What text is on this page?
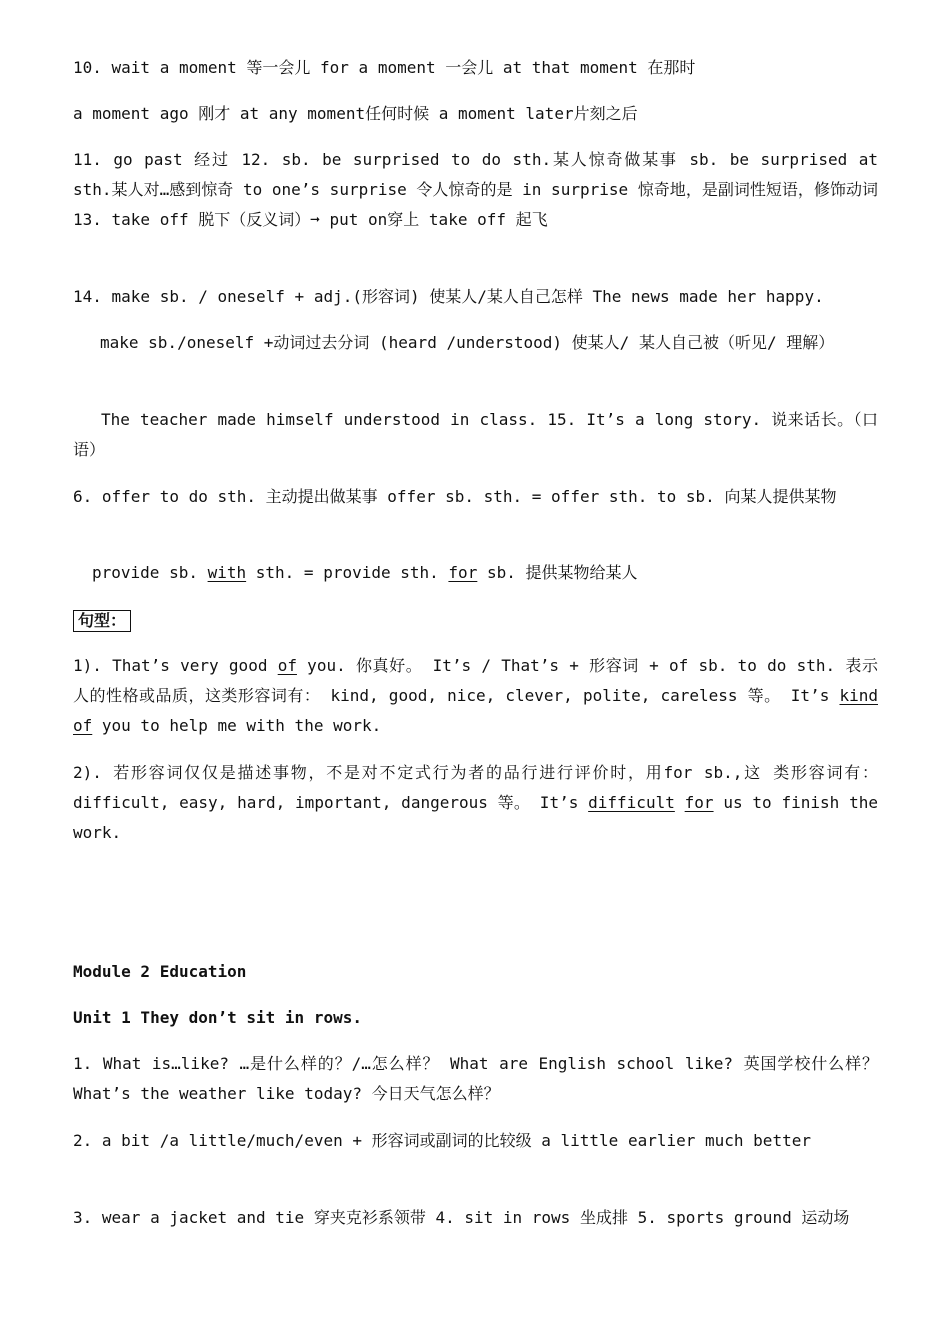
10. wait a moment 等一会儿 for a moment 一会儿 at that moment 在那时

a moment ago 刚才 at any moment任何时候 a moment later片刻之后

11. go past 经过 12. sb. be surprised to do sth.某人惊奇做某事 sb. be surprised at sth.某人对…感到惊奇 to one’s surprise 令人惊奇的是 in surprise 惊奇地，是副词性短语，修饰动词 13. take off 脱下（反义词）➞ put on穿上 take off 起飞

14. make sb. / oneself + adj.(形容词) 使某人/某人自己怎样 The news made her happy.

make sb./oneself +动词过去分词 (heard /understood) 使某人/ 某人自己被（听见/ 理解）

The teacher made himself understood in class. 15. It’s a long story. 说来话长。（口语）

6. offer to do sth. 主动提出做某事 offer sb. sth. = offer sth. to sb. 向某人提供某物

provide sb. with sth. = provide sth. for sb. 提供某物给某人

句型：

1). That’s very good of you. 你真好。 It’s / That’s + 形容词 + of sb. to do sth. 表示人的性格或品质，这类形容词有： kind, good, nice, clever, polite, careless 等。 It’s kind of you to help me with the work.

2). 若形容词仅仅是描述事物，不是对不定式行为者的品行进行评价时，用for sb.,这 类形容词有：difficult, easy, hard, important, dangerous 等。 It’s difficult for us to finish the work.

Module 2 Education

Unit 1 They don’t sit in rows.

1. What is…like? …是什么样的？/…怎么样？ What are English school like? 英国学校什么样？ What’s the weather like today? 今日天气怎么样？

2. a bit /a little/much/even + 形容词或副词的比较级 a little earlier much better

3. wear a jacket and tie 穿夹克衫系领带 4. sit in rows 坐成排 5. sports ground 运动场
